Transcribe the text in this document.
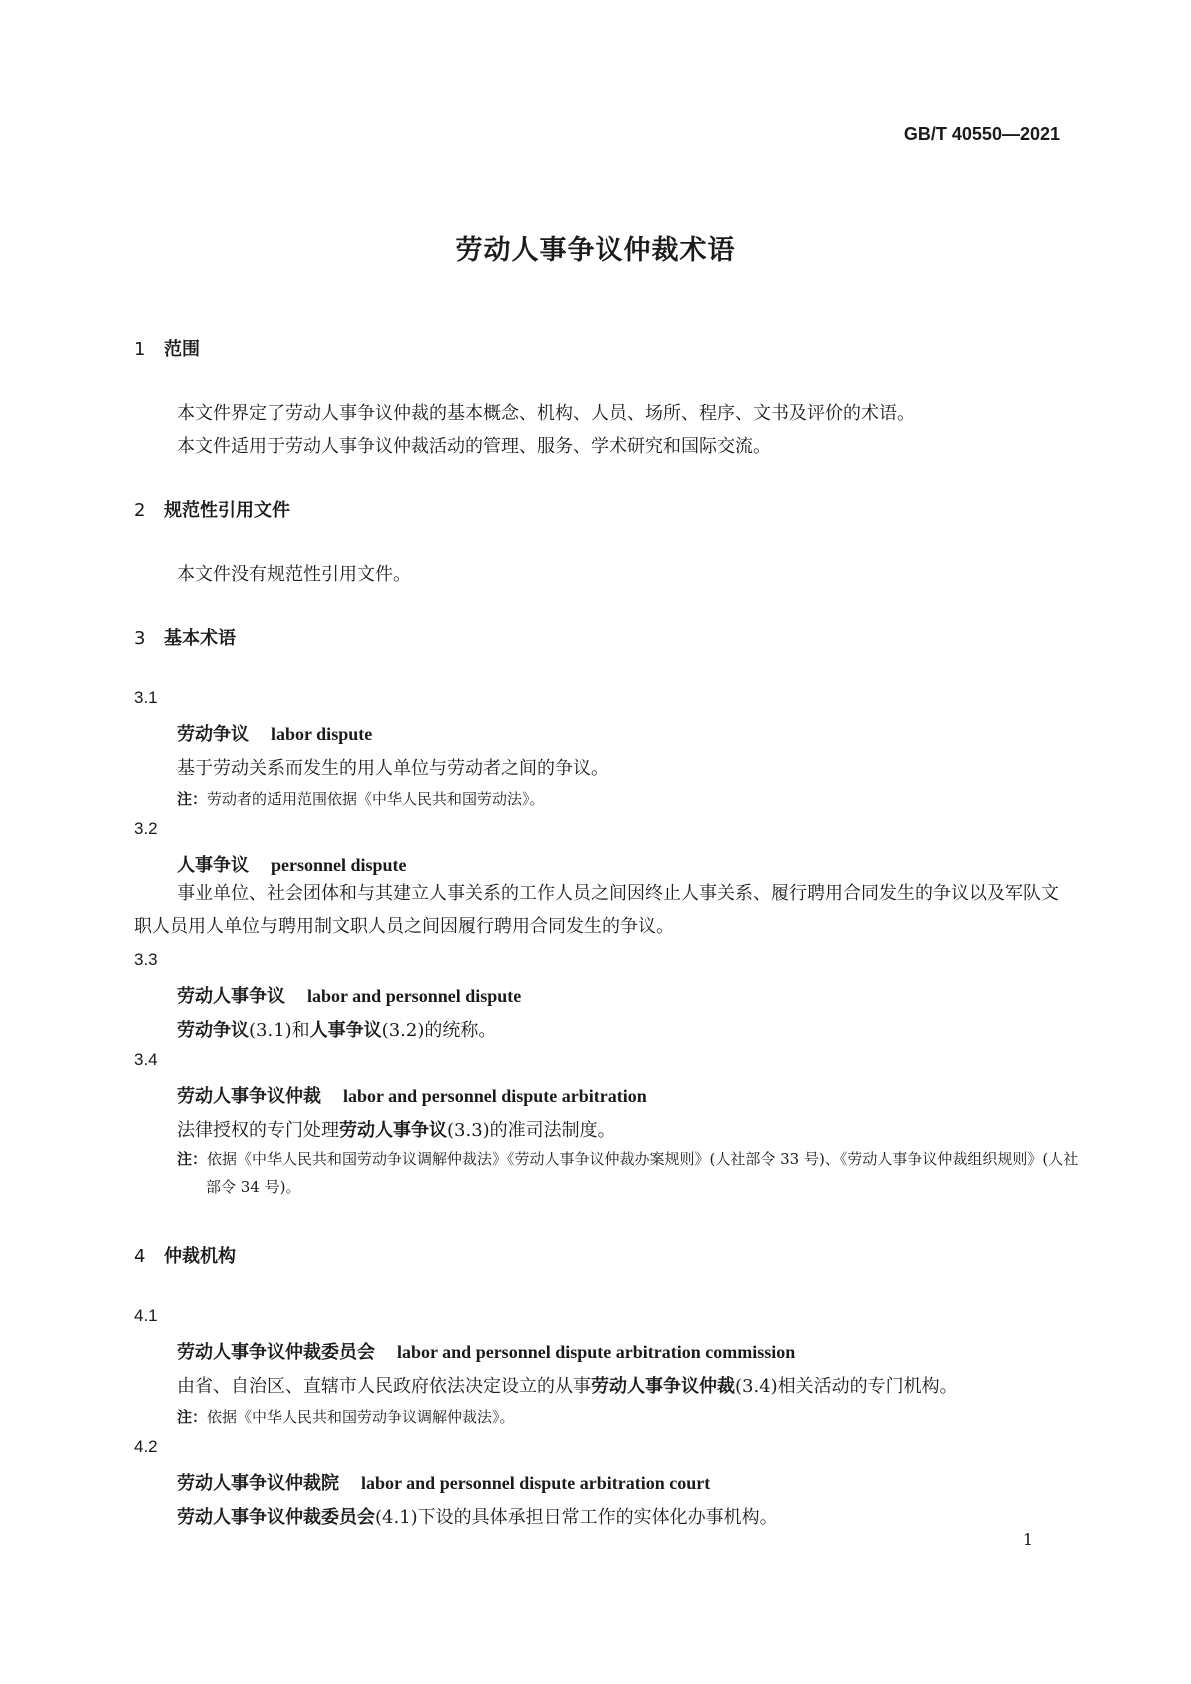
GB/T 40550—2021
劳动人事争议仲裁术语
1 范围
本文件界定了劳动人事争议仲裁的基本概念、机构、人员、场所、程序、文书及评价的术语。
本文件适用于劳动人事争议仲裁活动的管理、服务、学术研究和国际交流。
2 规范性引用文件
本文件没有规范性引用文件。
3 基本术语
3.1
劳动争议 labor dispute
基于劳动关系而发生的用人单位与劳动者之间的争议。
注：劳动者的适用范围依据《中华人民共和国劳动法》。
3.2
人事争议 personnel dispute
事业单位、社会团体和与其建立人事关系的工作人员之间因终止人事关系、履行聘用合同发生的争议以及军队文职人员用人单位与聘用制文职人员之间因履行聘用合同发生的争议。
3.3
劳动人事争议 labor and personnel dispute
劳动争议(3.1)和人事争议(3.2)的统称。
3.4
劳动人事争议仲裁 labor and personnel dispute arbitration
法律授权的专门处理劳动人事争议(3.3)的准司法制度。
注：依据《中华人民共和国劳动争议调解仲裁法》《劳动人事争议仲裁办案规则》(人社部令 33 号)、《劳动人事争议仲裁组织规则》(人社部令 34 号)。
4 仲裁机构
4.1
劳动人事争议仲裁委员会 labor and personnel dispute arbitration commission
由省、自治区、直辖市人民政府依法决定设立的从事劳动人事争议仲裁(3.4)相关活动的专门机构。
注：依据《中华人民共和国劳动争议调解仲裁法》。
4.2
劳动人事争议仲裁院 labor and personnel dispute arbitration court
劳动人事争议仲裁委员会(4.1)下设的具体承担日常工作的实体化办事机构。
1
